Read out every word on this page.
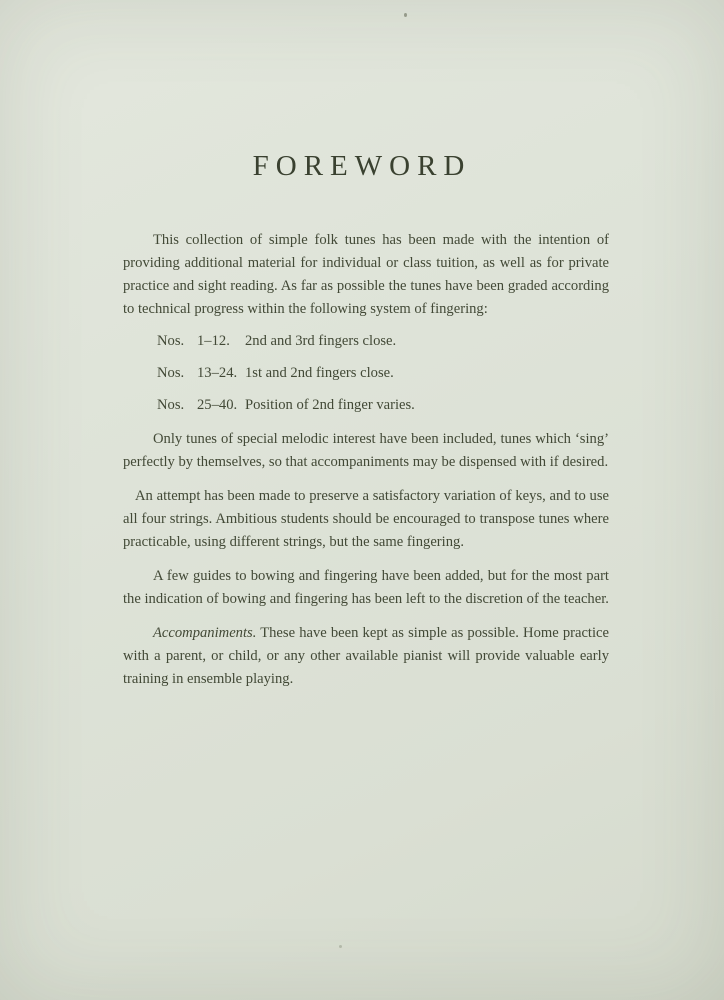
FOREWORD

This collection of simple folk tunes has been made with the intention of providing additional material for individual or class tuition, as well as for private practice and sight reading. As far as possible the tunes have been graded according to technical progress within the following system of fingering:

Nos. 1–12.	2nd and 3rd fingers close.
Nos. 13–24. 1st and 2nd fingers close.
Nos. 25–40. Position of 2nd finger varies.

Only tunes of special melodic interest have been included, tunes which ‘sing’ perfectly by themselves, so that accompaniments may be dispensed with if desired.

An attempt has been made to preserve a satisfactory variation of keys, and to use all four strings. Ambitious students should be encouraged to transpose tunes where practicable, using different strings, but the same fingering.

A few guides to bowing and fingering have been added, but for the most part the indication of bowing and fingering has been left to the discretion of the teacher.

Accompaniments. These have been kept as simple as possible. Home practice with a parent, or child, or any other available pianist will provide valuable early training in ensemble playing.
